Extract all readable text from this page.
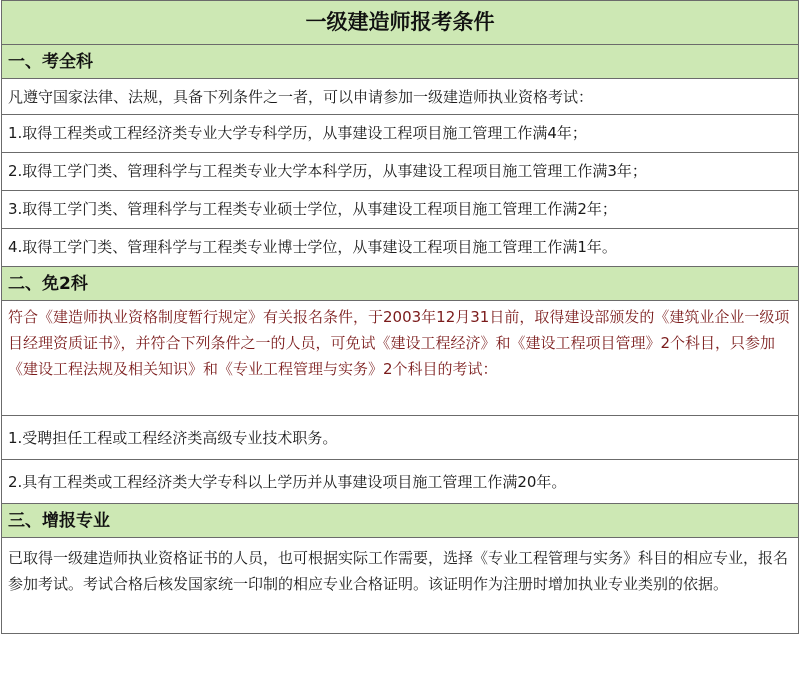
一级建造师报考条件
一、考全科
凡遵守国家法律、法规，具备下列条件之一者，可以申请参加一级建造师执业资格考试：
1.取得工程类或工程经济类专业大学专科学历，从事建设工程项目施工管理工作满4年；
2.取得工学门类、管理科学与工程类专业大学本科学历，从事建设工程项目施工管理工作满3年；
3.取得工学门类、管理科学与工程类专业硕士学位，从事建设工程项目施工管理工作满2年；
4.取得工学门类、管理科学与工程类专业博士学位，从事建设工程项目施工管理工作满1年。
二、免2科
符合《建造师执业资格制度暂行规定》有关报名条件，于2003年12月31日前，取得建设部颁发的《建筑业企业一级项目经理资质证书》，并符合下列条件之一的人员，可免试《建设工程经济》和《建设工程项目管理》2个科目，只参加《建设工程法规及相关知识》和《专业工程管理与实务》2个科目的考试：
1.受聘担任工程或工程经济类高级专业技术职务。
2.具有工程类或工程经济类大学专科以上学历并从事建设项目施工管理工作满20年。
三、增报专业
已取得一级建造师执业资格证书的人员，也可根据实际工作需要，选择《专业工程管理与实务》科目的相应专业，报名参加考试。考试合格后核发国家统一印制的相应专业合格证明。该证明作为注册时增加执业专业类别的依据。
